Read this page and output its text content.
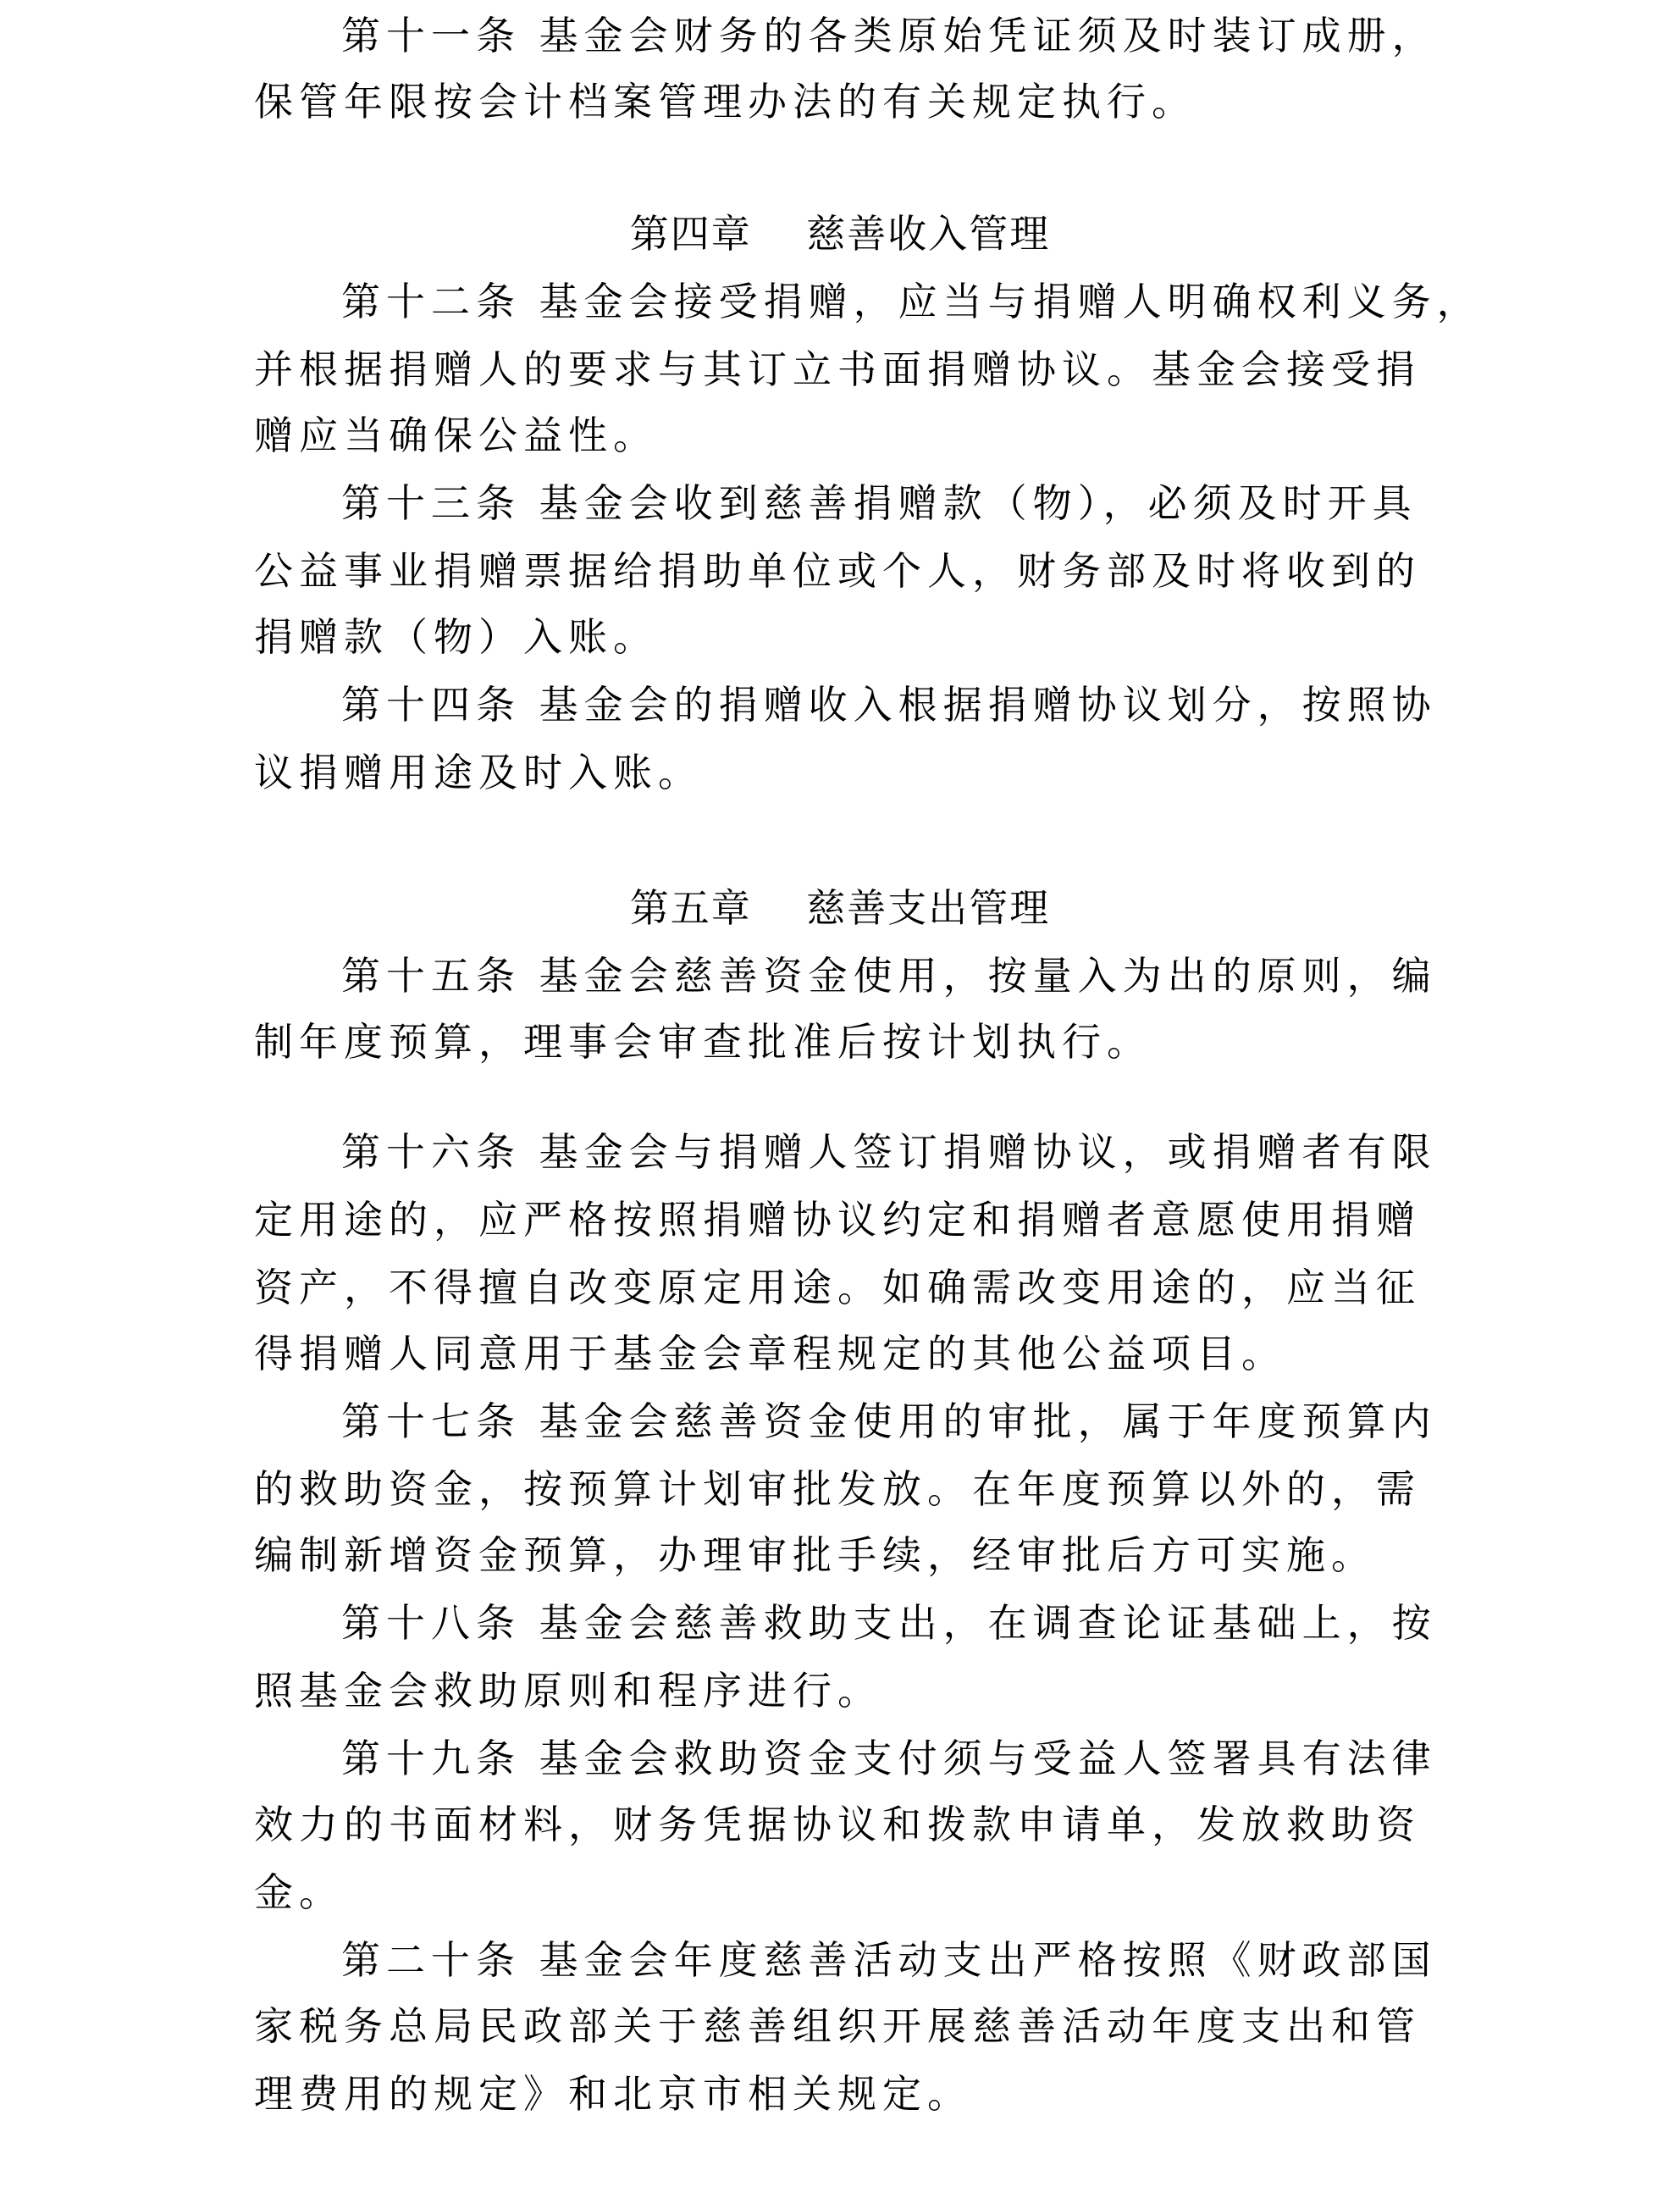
第十一条 基金会财务的各类原始凭证须及时装订成册，
保管年限按会计档案管理办法的有关规定执行。
第四章　 慈善收入管理
第十二条 基金会接受捐赠，应当与捐赠人明确权利义务，
并根据捐赠人的要求与其订立书面捐赠协议。基金会接受捐
赠应当确保公益性。
第十三条 基金会收到慈善捐赠款（物），必须及时开具
公益事业捐赠票据给捐助单位或个人，财务部及时将收到的
捐赠款（物）入账。
第十四条 基金会的捐赠收入根据捐赠协议划分，按照协
议捐赠用途及时入账。
第五章　 慈善支出管理
第十五条 基金会慈善资金使用，按量入为出的原则，编
制年度预算，理事会审查批准后按计划执行。
第十六条 基金会与捐赠人签订捐赠协议，或捐赠者有限
定用途的，应严格按照捐赠协议约定和捐赠者意愿使用捐赠
资产，不得擅自改变原定用途。如确需改变用途的，应当征
得捐赠人同意用于基金会章程规定的其他公益项目。
第十七条 基金会慈善资金使用的审批，属于年度预算内
的救助资金，按预算计划审批发放。在年度预算以外的，需
编制新增资金预算，办理审批手续，经审批后方可实施。
第十八条 基金会慈善救助支出，在调查论证基础上，按
照基金会救助原则和程序进行。
第十九条 基金会救助资金支付须与受益人签署具有法律
效力的书面材料，财务凭据协议和拨款申请单，发放救助资
金。
第二十条 基金会年度慈善活动支出严格按照《财政部国
家税务总局民政部关于慈善组织开展慈善活动年度支出和管
理费用的规定》和北京市相关规定。
